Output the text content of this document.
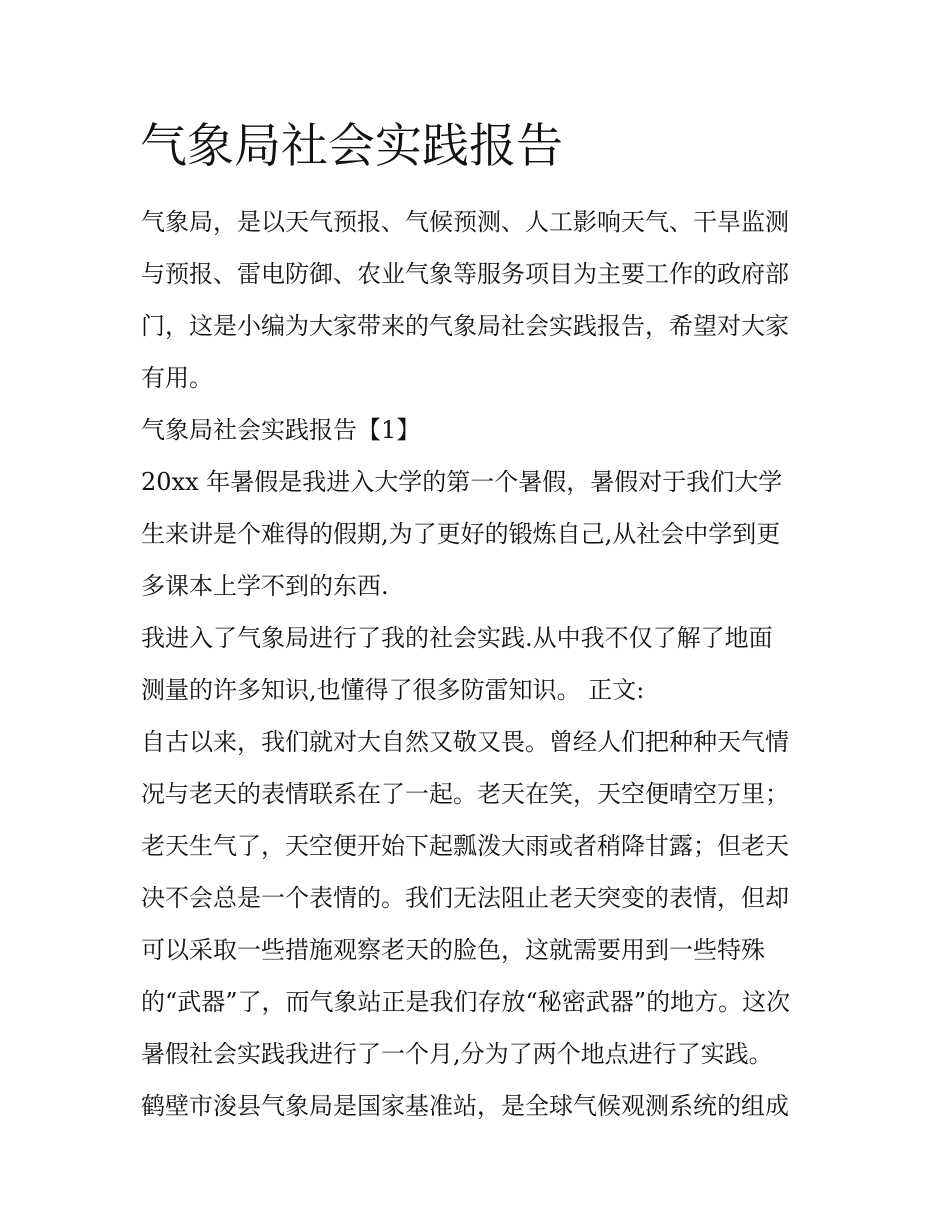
气象局社会实践报告

气象局，是以天气预报、气候预测、人工影响天气、干旱监测

与预报、雷电防御、农业气象等服务项目为主要工作的政府部

门，这是小编为大家带来的气象局社会实践报告，希望对大家

有用。

气象局社会实践报告【1】

20xx 年暑假是我进入大学的第一个暑假，暑假对于我们大学

生来讲是个难得的假期,为了更好的锻炼自己,从社会中学到更

多课本上学不到的东西.

我进入了气象局进行了我的社会实践.从中我不仅了解了地面

测量的许多知识,也懂得了很多防雷知识。 正文:

自古以来，我们就对大自然又敬又畏。曾经人们把种种天气情

况与老天的表情联系在了一起。老天在笑，天空便晴空万里；

老天生气了，天空便开始下起瓢泼大雨或者稍降甘露；但老天

决不会总是一个表情的。我们无法阻止老天突变的表情，但却

可以采取一些措施观察老天的脸色，这就需要用到一些特殊

的“武器”了，而气象站正是我们存放“秘密武器”的地方。这次

暑假社会实践我进行了一个月,分为了两个地点进行了实践。

鹤壁市浚县气象局是国家基准站，是全球气候观测系统的组成
